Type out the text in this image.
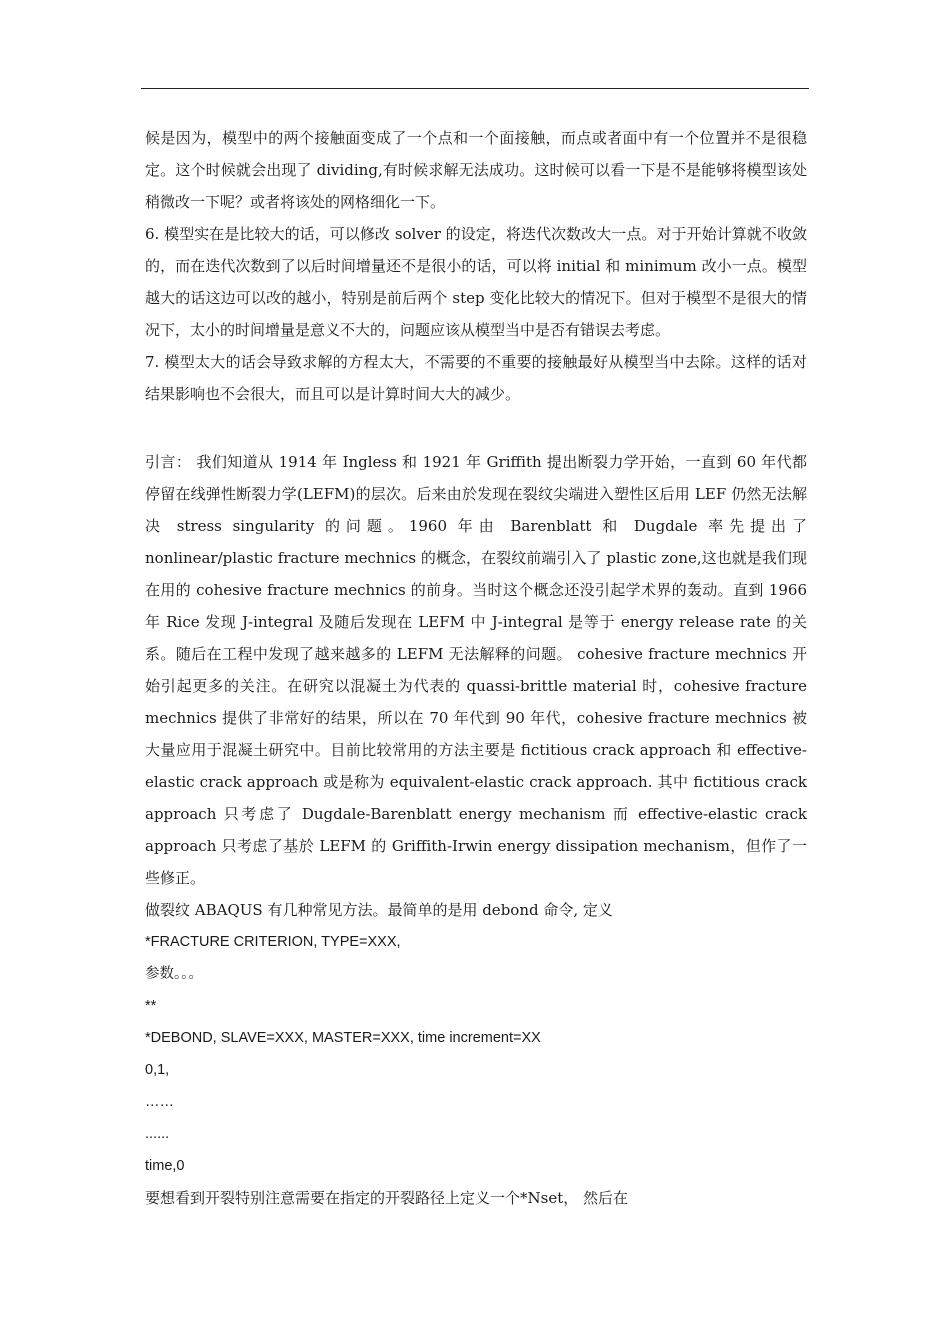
候是因为，模型中的两个接触面变成了一个点和一个面接触，而点或者面中有一个位置并不是很稳定。这个时候就会出现了 dividing,有时候求解无法成功。这时候可以看一下是不是能够将模型该处稍微改一下呢？或者将该处的网格细化一下。

6. 模型实在是比较大的话，可以修改 solver 的设定，将迭代次数改大一点。对于开始计算就不收敛的，而在迭代次数到了以后时间增量还不是很小的话，可以将 initial 和 minimum 改小一点。模型越大的话这边可以改的越小，特别是前后两个 step 变化比较大的情况下。但对于模型不是很大的情况下，太小的时间增量是意义不大的，问题应该从模型当中是否有错误去考虑。

7. 模型太大的话会导致求解的方程太大，不需要的不重要的接触最好从模型当中去除。这样的话对结果影响也不会很大，而且可以是计算时间大大的减少。

引言： 我们知道从 1914 年 Ingless 和 1921 年 Griffith 提出断裂力学开始，一直到 60 年代都停留在线弹性断裂力学(LEFM)的层次。后来由於发现在裂纹尖端进入塑性区后用 LEF 仍然无法解决 stress singularity 的问题。1960 年由 Barenblatt 和 Dugdale 率先提出了 nonlinear/plastic fracture mechnics 的概念，在裂纹前端引入了 plastic zone,这也就是我们现在用的 cohesive fracture mechnics 的前身。当时这个概念还没引起学术界的轰动。直到 1966 年 Rice 发现 J-integral 及随后发现在 LEFM 中 J-integral 是等于 energy release rate 的关系。随后在工程中发现了越来越多的 LEFM 无法解释的问题。 cohesive fracture mechnics 开始引起更多的关注。在研究以混凝土为代表的 quassi-brittle material 时，cohesive fracture mechnics 提供了非常好的结果，所以在 70 年代到 90 年代，cohesive fracture mechnics 被大量应用于混凝土研究中。目前比较常用的方法主要是 fictitious crack approach 和 effective-elastic crack approach 或是称为 equivalent-elastic crack approach. 其中 fictitious crack approach 只考虑了 Dugdale-Barenblatt energy mechanism 而 effective-elastic crack approach 只考虑了基於 LEFM 的 Griffith-Irwin energy dissipation mechanism，但作了一些修正。

做裂纹 ABAQUS 有几种常见方法。最简单的是用 debond 命令, 定义

*FRACTURE CRITERION, TYPE=XXX,

参数。。。

**

*DEBOND, SLAVE=XXX, MASTER=XXX, time increment=XX

0,1,

……

......

time,0

要想看到开裂特别注意需要在指定的开裂路径上定义一个*Nset， 然后在
